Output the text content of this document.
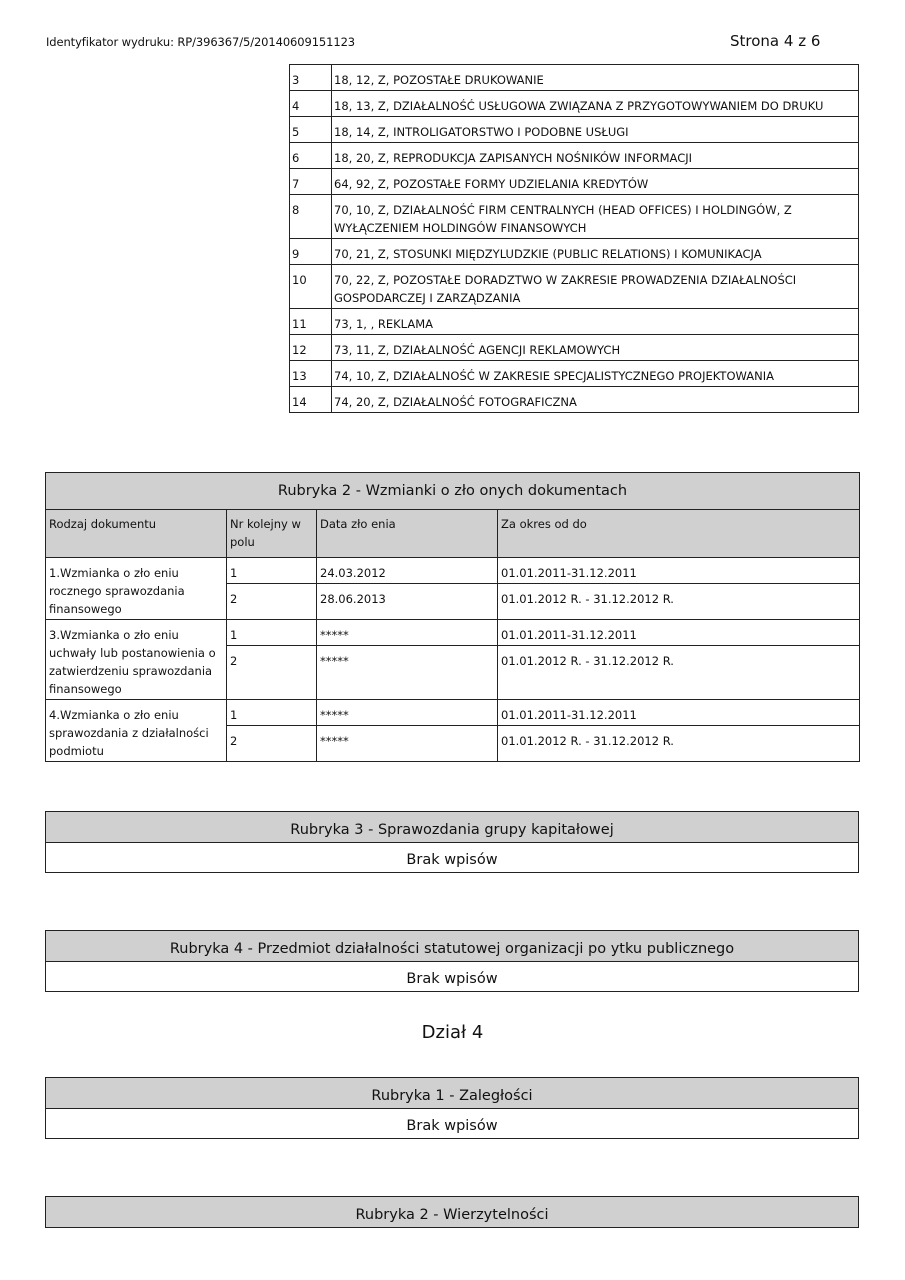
Identyfikator wydruku: RP/396367/5/20140609151123	Strona 4 z 6
3	18, 12, Z, POZOSTAŁE DRUKOWANIE
4	18, 13, Z, DZIAŁALNOŚĆ USŁUGOWA ZWIĄZANA Z PRZYGOTOWYWANIEM DO DRUKU
5	18, 14, Z, INTROLIGATORSTWO I PODOBNE USŁUGI
6	18, 20, Z, REPRODUKCJA ZAPISANYCH NOŚNIKÓW INFORMACJI
7	64, 92, Z, POZOSTAŁE FORMY UDZIELANIA KREDYTÓW
8	70, 10, Z, DZIAŁALNOŚĆ FIRM CENTRALNYCH (HEAD OFFICES) I HOLDINGÓW, Z WYŁĄCZENIEM HOLDINGÓW FINANSOWYCH
9	70, 21, Z, STOSUNKI MIĘDZYLUDZKIE (PUBLIC RELATIONS) I KOMUNIKACJA
10	70, 22, Z, POZOSTAŁE DORADZTWO W ZAKRESIE PROWADZENIA DZIAŁALNOŚCI GOSPODARCZEJ I ZARZĄDZANIA
11	73, 1, , REKLAMA
12	73, 11, Z, DZIAŁALNOŚĆ AGENCJI REKLAMOWYCH
13	74, 10, Z, DZIAŁALNOŚĆ W ZAKRESIE SPECJALISTYCZNEGO PROJEKTOWANIA
14	74, 20, Z, DZIAŁALNOŚĆ FOTOGRAFICZNA
Rubryka 2 - Wzmianki o zło onych dokumentach			
Rodzaj dokumentu	Nr kolejny w polu	Data zło enia	Za okres od do
1.Wzmianka o zło eniu rocznego sprawozdania finansowego	1	24.03.2012	01.01.2011-31.12.2011
	2	28.06.2013	01.01.2012 R. - 31.12.2012 R.
3.Wzmianka o zło eniu uchwały lub postanowienia o zatwierdzeniu sprawozdania finansowego	1	*****	01.01.2011-31.12.2011
	2	*****	01.01.2012 R. - 31.12.2012 R.
4.Wzmianka o zło eniu sprawozdania z działalności podmiotu	1	*****	01.01.2011-31.12.2011
	2	*****	01.01.2012 R. - 31.12.2012 R.
Rubryka 3 - Sprawozdania grupy kapitałowej
Brak wpisów
Rubryka 4 - Przedmiot działalności statutowej organizacji po ytku publicznego
Brak wpisów
Dział 4
Rubryka 1 - Zaległości
Brak wpisów
Rubryka 2 - Wierzytelności
